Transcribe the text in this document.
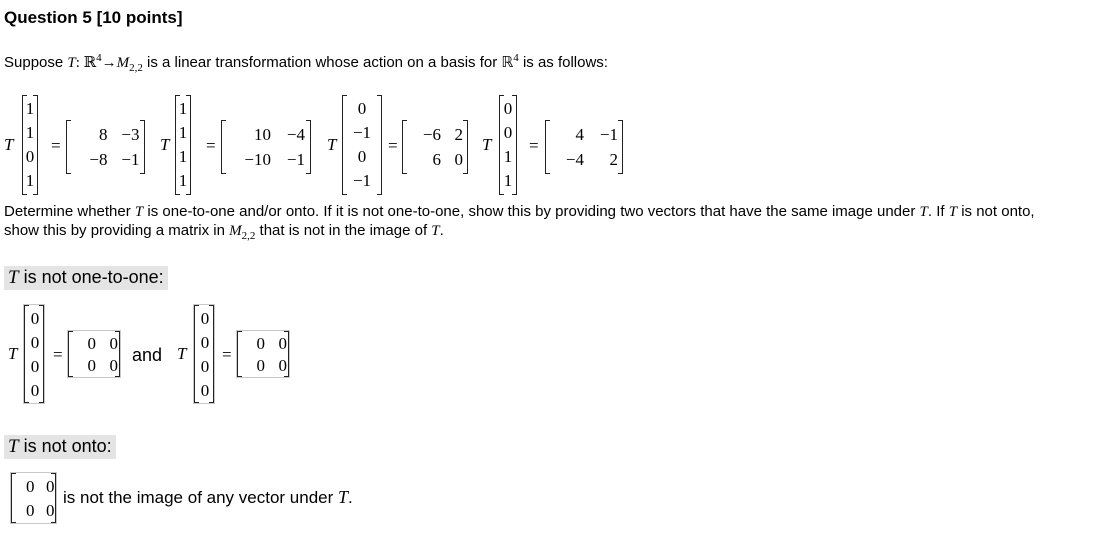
Question 5 [10 points]
Suppose T: $ℝ^4\to M_{2,2}$ is a linear transformation whose action on a basis for ℝ$^4$ is as follows:
T
1
1
0
1
=
8 −3
−8 −1
T
1
1
1
1
=
10 −4
−10 −1
T
0
−1
0
−1
=
−6 2
6 0
T
0
0
1
1
=
4 −1
−4	2
Determine whether T is one-to-one and/or onto. If it is not one-to-one, show this by providing two vectors that have the same image under T. If T is not onto,
show this by providing a matrix in $M_{2,2}$ that is not in the image of T.
T is not one-to-one:
T
0
0
0
0
=
0 0
0 0
and T
0
0
0
0
=
0 0
0 0
T is not onto:
0 0
0 0
is not the image of any vector under T.
